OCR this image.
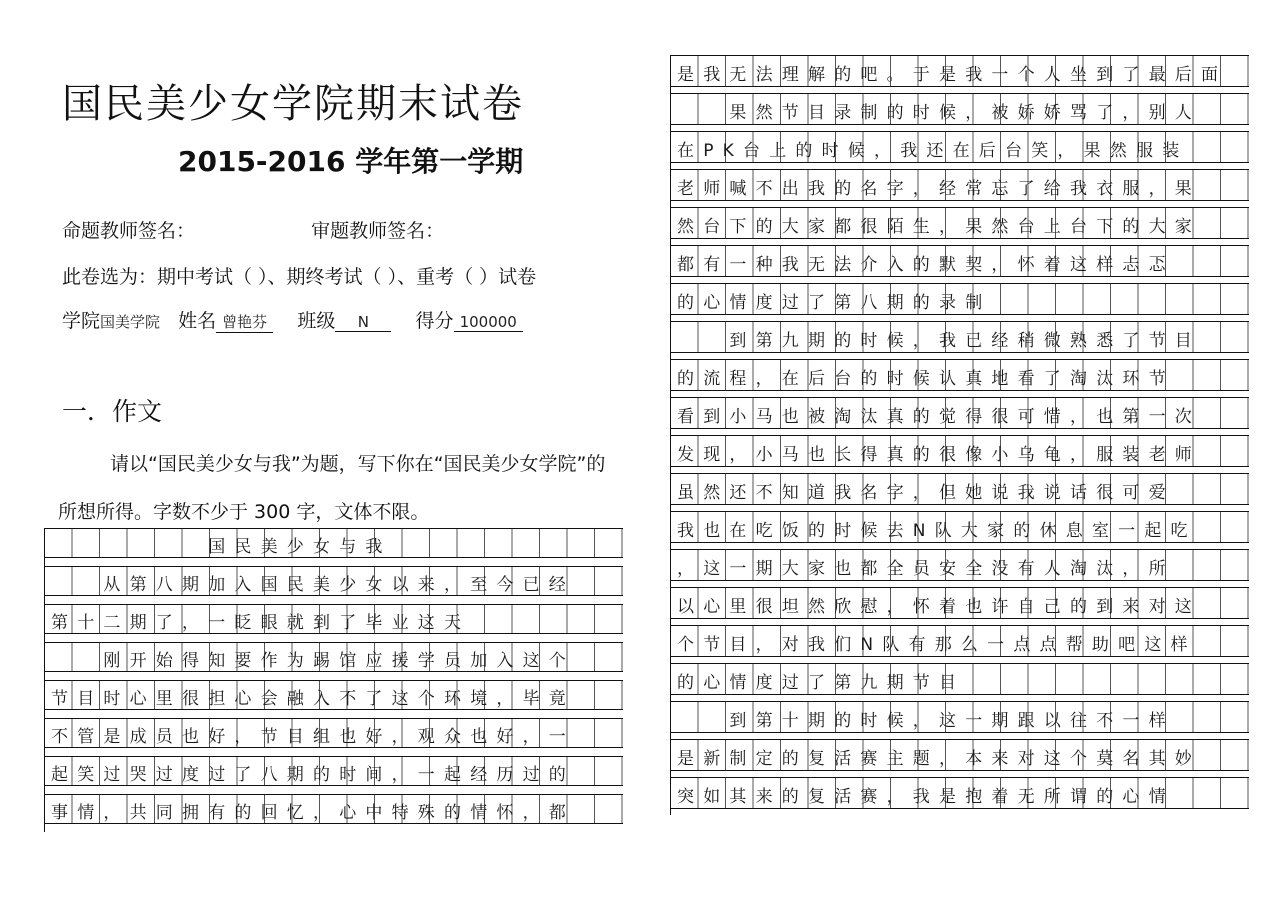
国民美少女学院期末试卷
2015-2016 学年第一学期
命题教师签名：	审题教师签名：
此卷选为：期中考试（ ）、期终考试（ ）、重考（ ）试卷
学院国美学院 姓名 曾艳芬 班级 N 得分 100000
一．作文
请以“国民美少女与我”为题，写下你在“国民美少女学院”的所想所得。字数不少于 300 字，文体不限。
　　　　　　国民美少女与我
　　从第八期加入国民美少女以来，至今已经
第十二期了，一眨眼就到了毕业这天
　　刚开始得知要作为踢馆应援学员加入这个
节目时心里很担心会融入不了这个环境，毕竟
不管是成员也好，节目组也好，观众也好，一
起笑过哭过度过了八期的时间，一起经历过的
事情，共同拥有的回忆，心中特殊的情怀，都
是我无法理解的吧。于是我一个人坐到了最后面
　　果然节目录制的时候，被娇娇骂了，别人
在PK台上的时候，我还在后台笑，果然服装
老师喊不出我的名字，经常忘了给我衣服，果
然台下的大家都很陌生，果然台上台下的大家
都有一种我无法介入的默契，怀着这样忐忑
的心情度过了第八期的录制
　　到第九期的时候，我已经稍微熟悉了节目
的流程，在后台的时候认真地看了淘汰环节
看到小马也被淘汰真的觉得很可惜，也第一次
发现，小马也长得真的很像小乌龟，服装老师
虽然还不知道我名字，但她说我说话很可爱
我也在吃饭的时候去N队大家的休息室一起吃
，这一期大家也都全员安全没有人淘汰，所
以心里很坦然欣慰，怀着也许自己的到来对这
个节目，对我们N队有那么一点点帮助吧这样
的心情度过了第九期节目
　　到第十期的时候，这一期跟以往不一样
是新制定的复活赛主题，本来对这个莫名其妙
突如其来的复活赛，我是抱着无所谓的心情
